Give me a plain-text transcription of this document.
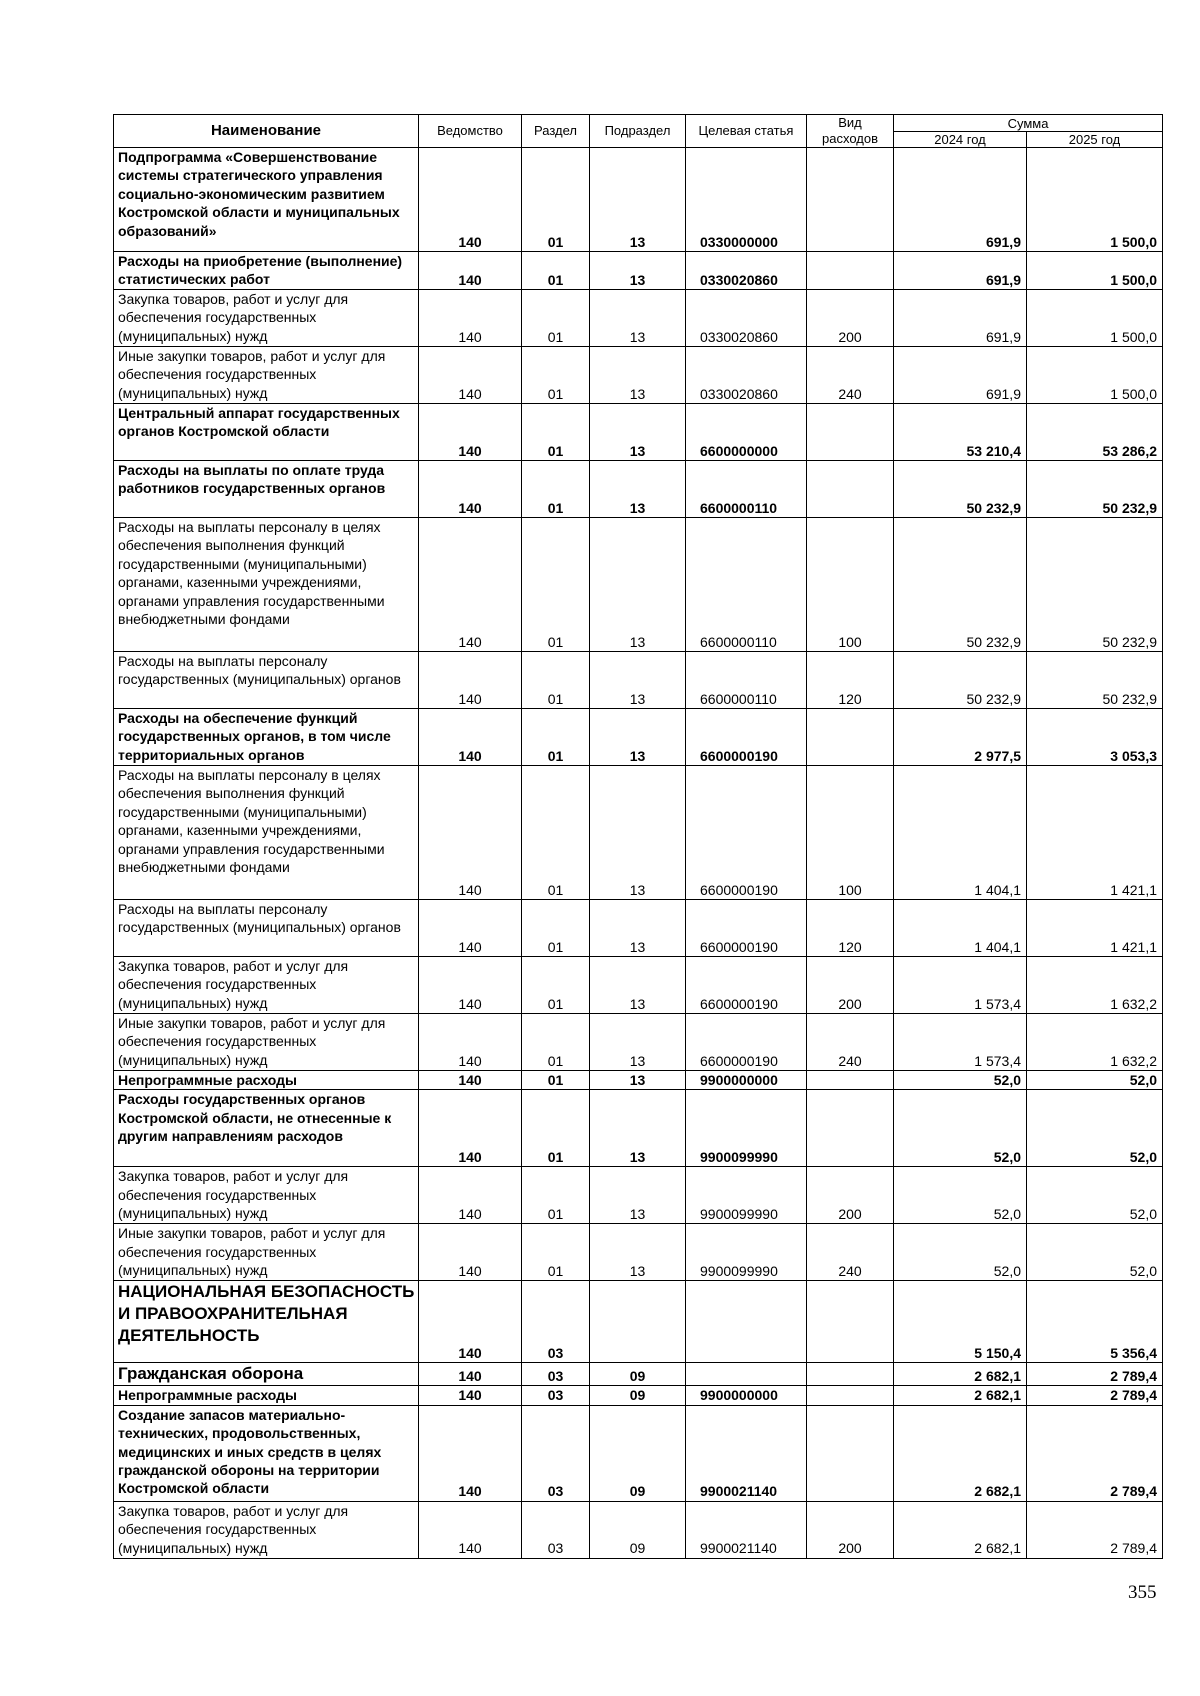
Наименование	Ведомство	Раздел	Подраздел	Целевая статья	Вид расходов	Сумма	
						2024 год	2025 год
Подпрограмма «Совершенствование системы стратегического управления социально-экономическим развитием Костромской области и муниципальных образований»	140	01	13	0330000000		691,9	1 500,0
Расходы на приобретение (выполнение) статистических работ	140	01	13	0330020860		691,9	1 500,0
Закупка товаров, работ и услуг для обеспечения государственных (муниципальных) нужд	140	01	13	0330020860	200	691,9	1 500,0
Иные закупки товаров, работ и услуг для обеспечения государственных (муниципальных) нужд	140	01	13	0330020860	240	691,9	1 500,0
Центральный аппарат государственных органов Костромской области	140	01	13	6600000000		53 210,4	53 286,2
Расходы на выплаты по оплате труда работников государственных органов	140	01	13	6600000110		50 232,9	50 232,9
Расходы на выплаты персоналу в целях обеспечения выполнения функций государственными (муниципальными) органами, казенными учреждениями, органами управления государственными внебюджетными фондами	140	01	13	6600000110	100	50 232,9	50 232,9
Расходы на выплаты персоналу государственных (муниципальных) органов	140	01	13	6600000110	120	50 232,9	50 232,9
Расходы на обеспечение функций государственных органов, в том числе территориальных органов	140	01	13	6600000190		2 977,5	3 053,3
Расходы на выплаты персоналу в целях обеспечения выполнения функций государственными (муниципальными) органами, казенными учреждениями, органами управления государственными внебюджетными фондами	140	01	13	6600000190	100	1 404,1	1 421,1
Расходы на выплаты персоналу государственных (муниципальных) органов	140	01	13	6600000190	120	1 404,1	1 421,1
Закупка товаров, работ и услуг для обеспечения государственных (муниципальных) нужд	140	01	13	6600000190	200	1 573,4	1 632,2
Иные закупки товаров, работ и услуг для обеспечения государственных (муниципальных) нужд	140	01	13	6600000190	240	1 573,4	1 632,2
Непрограммные расходы	140	01	13	9900000000		52,0	52,0
Расходы государственных органов Костромской области, не отнесенные к другим направлениям расходов	140	01	13	9900099990		52,0	52,0
Закупка товаров, работ и услуг для обеспечения государственных (муниципальных) нужд	140	01	13	9900099990	200	52,0	52,0
Иные закупки товаров, работ и услуг для обеспечения государственных (муниципальных) нужд	140	01	13	9900099990	240	52,0	52,0
НАЦИОНАЛЬНАЯ БЕЗОПАСНОСТЬ И ПРАВООХРАНИТЕЛЬНАЯ ДЕЯТЕЛЬНОСТЬ	140	03				5 150,4	5 356,4
Гражданская оборона	140	03	09			2 682,1	2 789,4
Непрограммные расходы	140	03	09	9900000000		2 682,1	2 789,4
Создание запасов материально-технических, продовольственных, медицинских и иных средств в целях гражданской обороны на территории Костромской области	140	03	09	9900021140		2 682,1	2 789,4
Закупка товаров, работ и услуг для обеспечения государственных (муниципальных) нужд	140	03	09	9900021140	200	2 682,1	2 789,4
355
